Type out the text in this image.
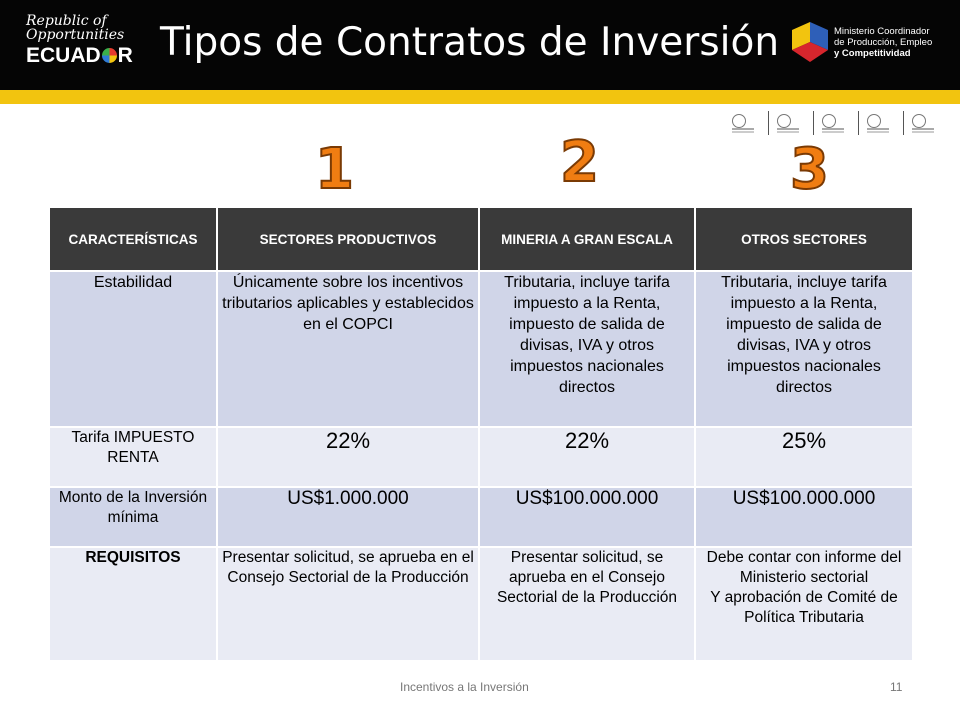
Republic of Opportunities
ECUAD R Tipos de Contratos de Inversión	Ministerio Coordinador
de Producción, Empleo
y Competitividad
1	2	3
CARACTERÍSTICAS	SECTORES PRODUCTIVOS	MINERIA A GRAN ESCALA	OTROS SECTORES
Estabilidad	Únicamente sobre los incentivos tributarios aplicables y establecidos en el COPCI	Tributaria, incluye tarifa impuesto a la Renta, impuesto de salida de divisas, IVA y otros impuestos nacionales directos	Tributaria, incluye tarifa impuesto a la Renta, impuesto de salida de divisas, IVA y otros impuestos nacionales directos
Tarifa IMPUESTO RENTA	22%	22%	25%
Monto de la Inversión mínima	US$1.000.000	US$100.000.000	US$100.000.000
REQUISITOS	Presentar solicitud, se aprueba en el Consejo Sectorial de la Producción	Presentar solicitud, se aprueba en el Consejo Sectorial de la Producción	Debe contar con informe del Ministerio sectorial
Y aprobación de Comité de Política Tributaria
Incentivos a la Inversión	11
